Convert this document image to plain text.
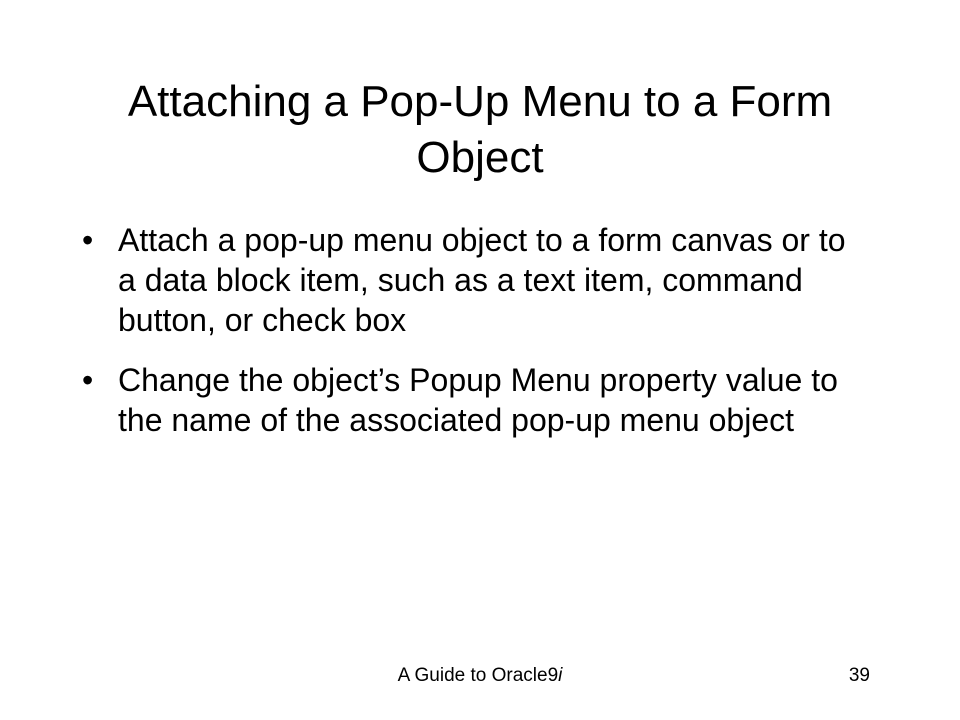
Attaching a Pop-Up Menu to a Form Object
• Attach a pop-up menu object to a form canvas or to a data block item, such as a text item, command button, or check box
• Change the object’s Popup Menu property value to the name of the associated pop-up menu object
A Guide to Oracle9i	39
